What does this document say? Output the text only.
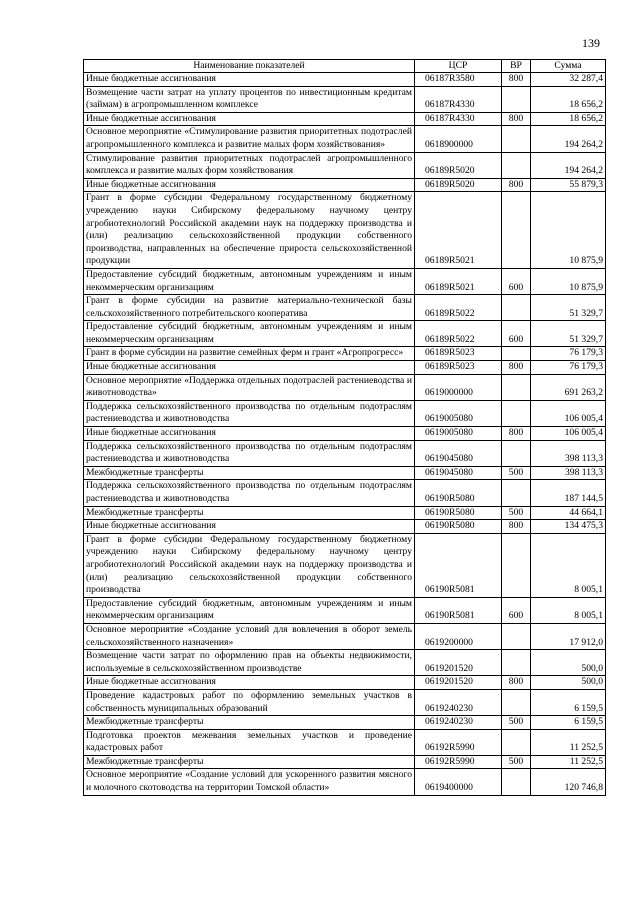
139
Наименование показателей	ЦСР	ВР	Сумма
Иные бюджетные ассигнования	06187R3580	800	32 287,4
Возмещение части затрат на уплату процентов по инвестиционным кредитам (займам) в агропромышленном комплексе	06187R4330		18 656,2
Иные бюджетные ассигнования	06187R4330	800	18 656,2
Основное мероприятие «Стимулирование развития приоритетных подотраслей агропромышленного комплекса и развитие малых форм хозяйствования»	0618900000		194 264,2
Стимулирование развития приоритетных подотраслей агропромышленного комплекса и развитие малых форм хозяйствования	06189R5020		194 264,2
Иные бюджетные ассигнования	06189R5020	800	55 879,3
Грант в форме субсидии Федеральному государственному бюджетному учреждению науки Сибирскому федеральному научному центру агробиотехнологий Российской академии наук на поддержку производства и (или) реализацию сельскохозяйственной продукции собственного производства, направленных на обеспечение прироста сельскохозяйственной продукции	06189R5021		10 875,9
Предоставление субсидий бюджетным, автономным учреждениям и иным некоммерческим организациям	06189R5021	600	10 875,9
Грант в форме субсидии на развитие материально-технической базы сельскохозяйственного потребительского кооператива	06189R5022		51 329,7
Предоставление субсидий бюджетным, автономным учреждениям и иным некоммерческим организациям	06189R5022	600	51 329,7
Грант в форме субсидии на развитие семейных ферм и грант «Агропрогресс»	06189R5023		76 179,3
Иные бюджетные ассигнования	06189R5023	800	76 179,3
Основное мероприятие «Поддержка отдельных подотраслей растениеводства и животноводства»	0619000000		691 263,2
Поддержка сельскохозяйственного производства по отдельным подотраслям растениеводства и животноводства	0619005080		106 005,4
Иные бюджетные ассигнования	0619005080	800	106 005,4
Поддержка сельскохозяйственного производства по отдельным подотраслям растениеводства и животноводства	0619045080		398 113,3
Межбюджетные трансферты	0619045080	500	398 113,3
Поддержка сельскохозяйственного производства по отдельным подотраслям растениеводства и животноводства	06190R5080		187 144,5
Межбюджетные трансферты	06190R5080	500	44 664,1
Иные бюджетные ассигнования	06190R5080	800	134 475,3
Грант в форме субсидии Федеральному государственному бюджетному учреждению науки Сибирскому федеральному научному центру агробиотехнологий Российской академии наук на поддержку производства и (или) реализацию сельскохозяйственной продукции собственного производства	06190R5081		8 005,1
Предоставление субсидий бюджетным, автономным учреждениям и иным некоммерческим организациям	06190R5081	600	8 005,1
Основное мероприятие «Создание условий для вовлечения в оборот земель сельскохозяйственного назначения»	0619200000		17 912,0
Возмещение части затрат по оформлению прав на объекты недвижимости, используемые в сельскохозяйственном производстве	0619201520		500,0
Иные бюджетные ассигнования	0619201520	800	500,0
Проведение кадастровых работ по оформлению земельных участков в собственность муниципальных образований	0619240230		6 159,5
Межбюджетные трансферты	0619240230	500	6 159,5
Подготовка проектов межевания земельных участков и проведение кадастровых работ	06192R5990		11 252,5
Межбюджетные трансферты	06192R5990	500	11 252,5
Основное мероприятие «Создание условий для ускоренного развития мясного и молочного скотоводства на территории Томской области»	0619400000		120 746,8
